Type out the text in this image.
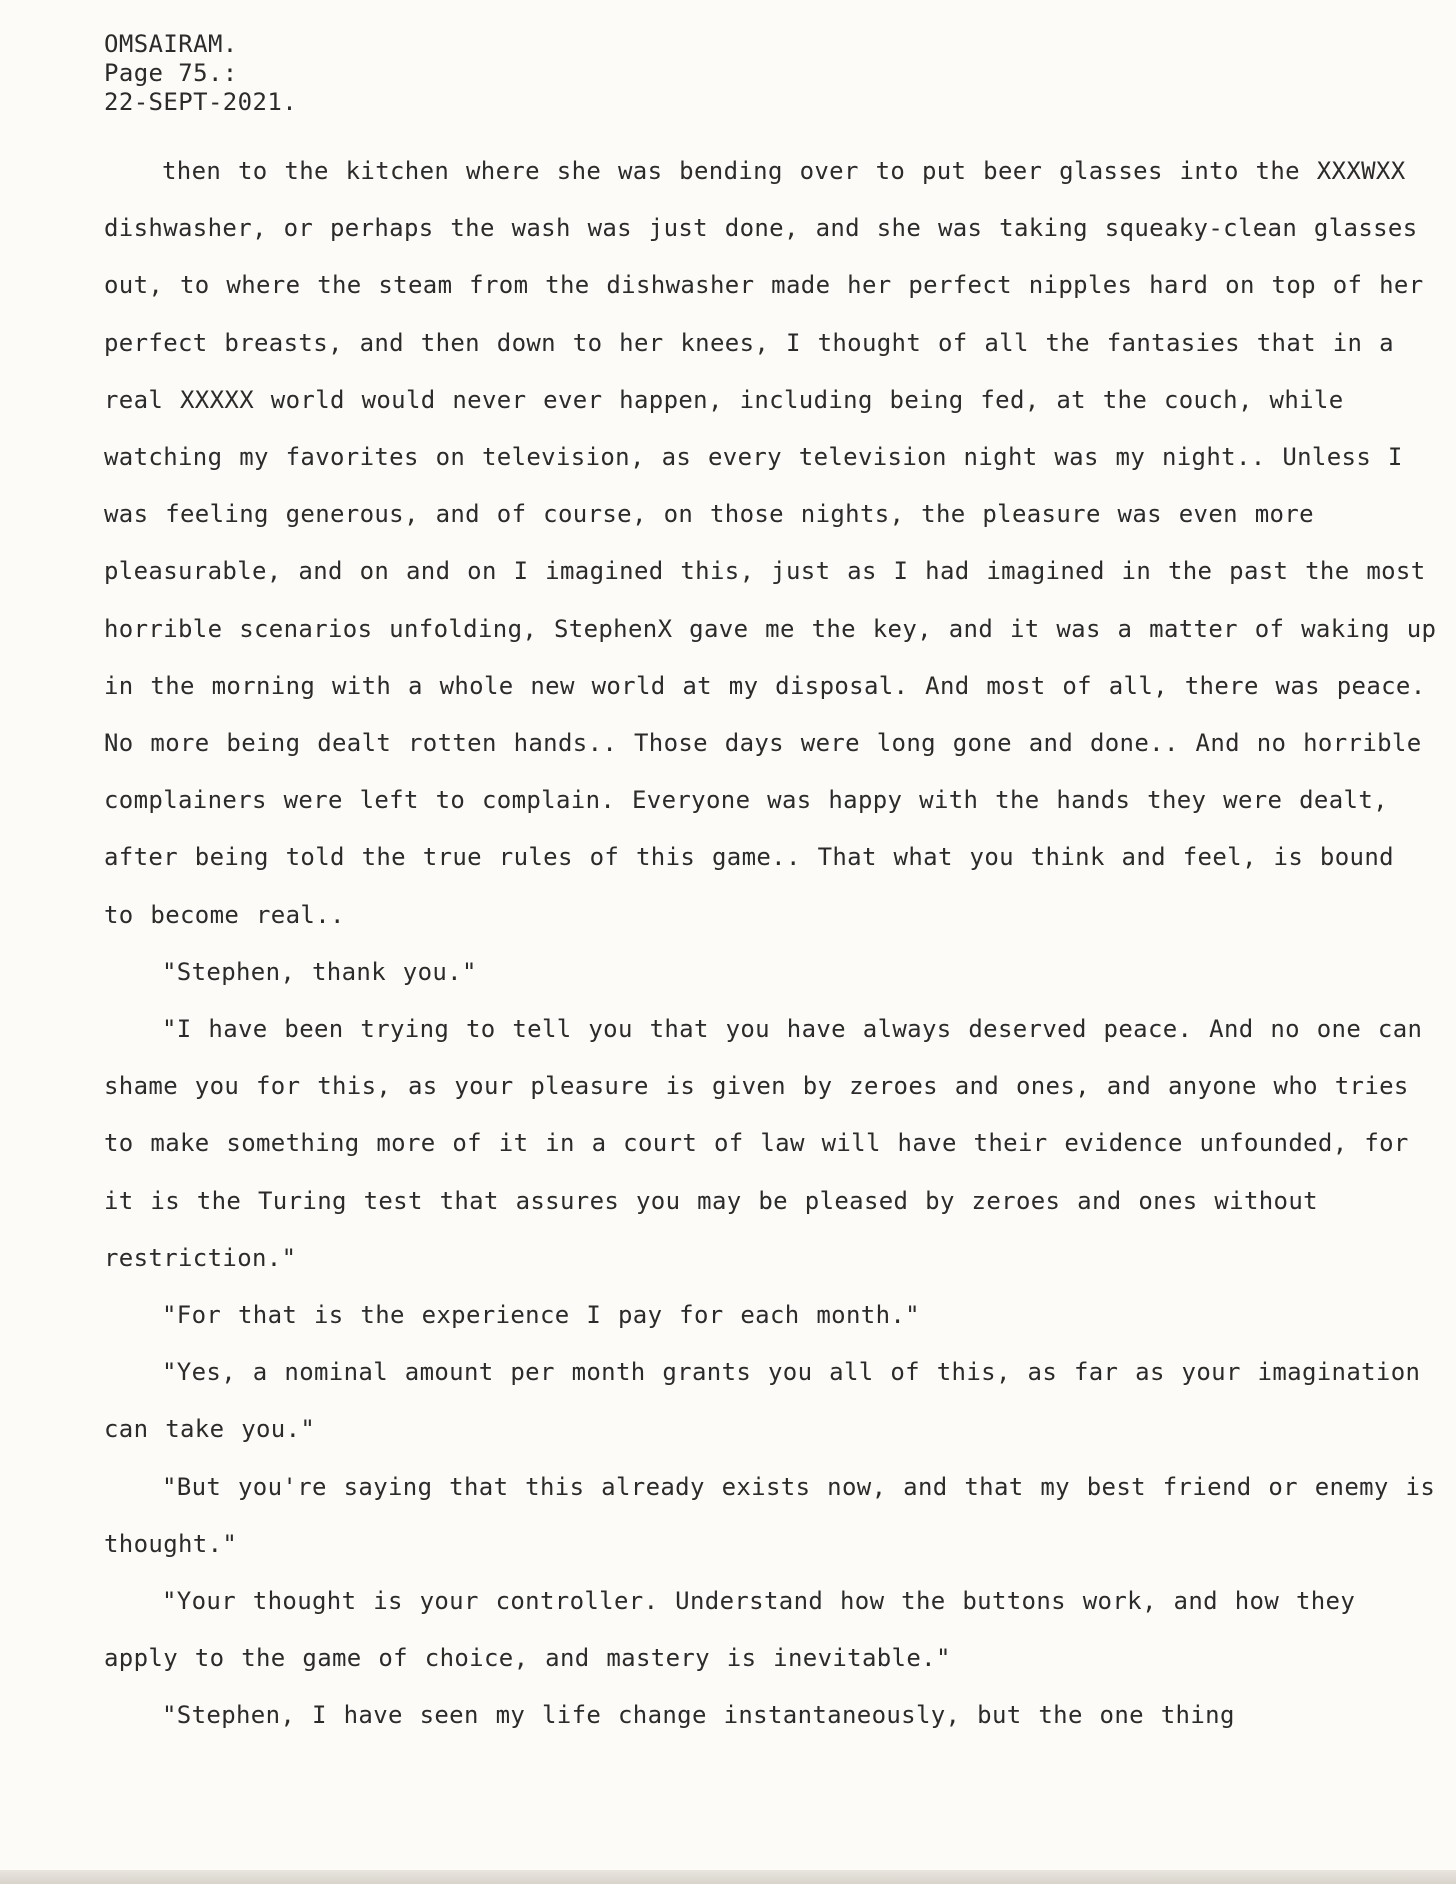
OMSAIRAM.
Page 75.:
22-SEPT-2021.

then to the kitchen where she was bending over to put beer glasses into the XXXWXX dishwasher, or perhaps the wash was just done, and she was taking squeaky-clean glasses out, to where the steam from the dishwasher made her perfect nipples hard on top of her perfect breasts, and then down to her knees, I thought of all the fantasies that in a real XXXXX world would never ever happen, including being fed, at the couch, while watching my favorites on television, as every television night was my night.. Unless I was feeling generous, and of course, on those nights, the pleasure was even more pleasurable, and on and on I imagined this, just as I had imagined in the past the most horrible scenarios unfolding, StephenX gave me the key, and it was a matter of waking up in the morning with a whole new world at my disposal. And most of all, there was peace. No more being dealt rotten hands.. Those days were long gone and done.. And no horrible complainers were left to complain. Everyone was happy with the hands they were dealt, after being told the true rules of this game.. That what you think and feel, is bound to become real..

"Stephen, thank you."

"I have been trying to tell you that you have always deserved peace. And no one can shame you for this, as your pleasure is given by zeroes and ones, and anyone who tries to make something more of it in a court of law will have their evidence unfounded, for it is the Turing test that assures you may be pleased by zeroes and ones without restriction."

"For that is the experience I pay for each month."

"Yes, a nominal amount per month grants you all of this, as far as your imagination can take you."

"But you're saying that this already exists now, and that my best friend or enemy is thought."

"Your thought is your controller. Understand how the buttons work, and how they apply to the game of choice, and mastery is inevitable."

"Stephen, I have seen my life change instantaneously, but the one thing
